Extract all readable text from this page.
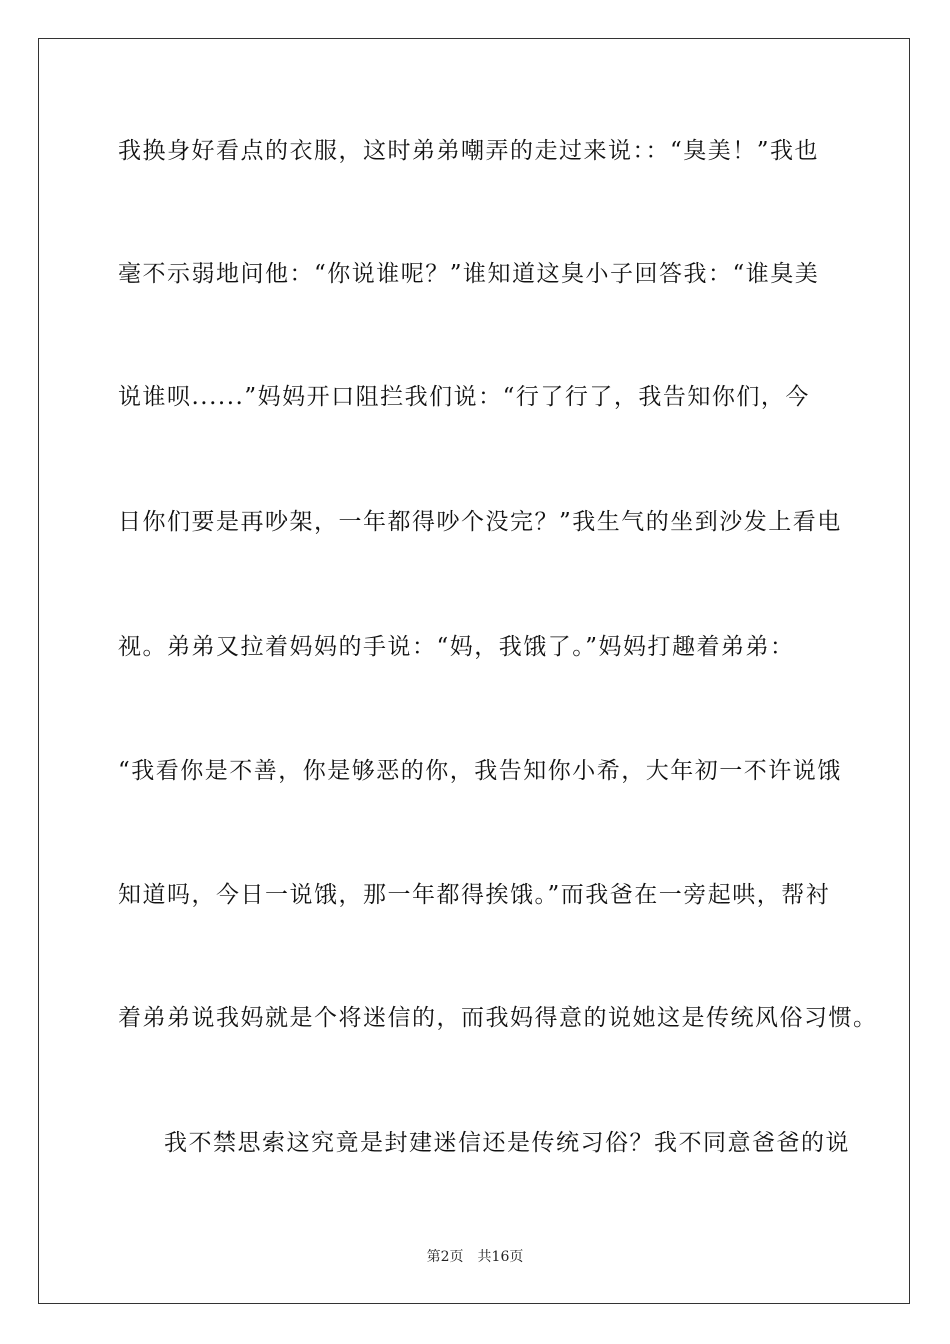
我换身好看点的衣服，这时弟弟嘲弄的走过来说：：“臭美！”我也
毫不示弱地问他：“你说谁呢？”谁知道这臭小子回答我：“谁臭美
说谁呗......”妈妈开口阻拦我们说：“行了行了，我告知你们，今
日你们要是再吵架，一年都得吵个没完？”我生气的坐到沙发上看电
视。弟弟又拉着妈妈的手说：“妈，我饿了。”妈妈打趣着弟弟：
“我看你是不善，你是够恶的你，我告知你小希，大年初一不许说饿
知道吗，今日一说饿，那一年都得挨饿。”而我爸在一旁起哄，帮衬
着弟弟说我妈就是个将迷信的，而我妈得意的说她这是传统风俗习惯。
我不禁思索这究竟是封建迷信还是传统习俗？我不同意爸爸的说
第2页 共16页
